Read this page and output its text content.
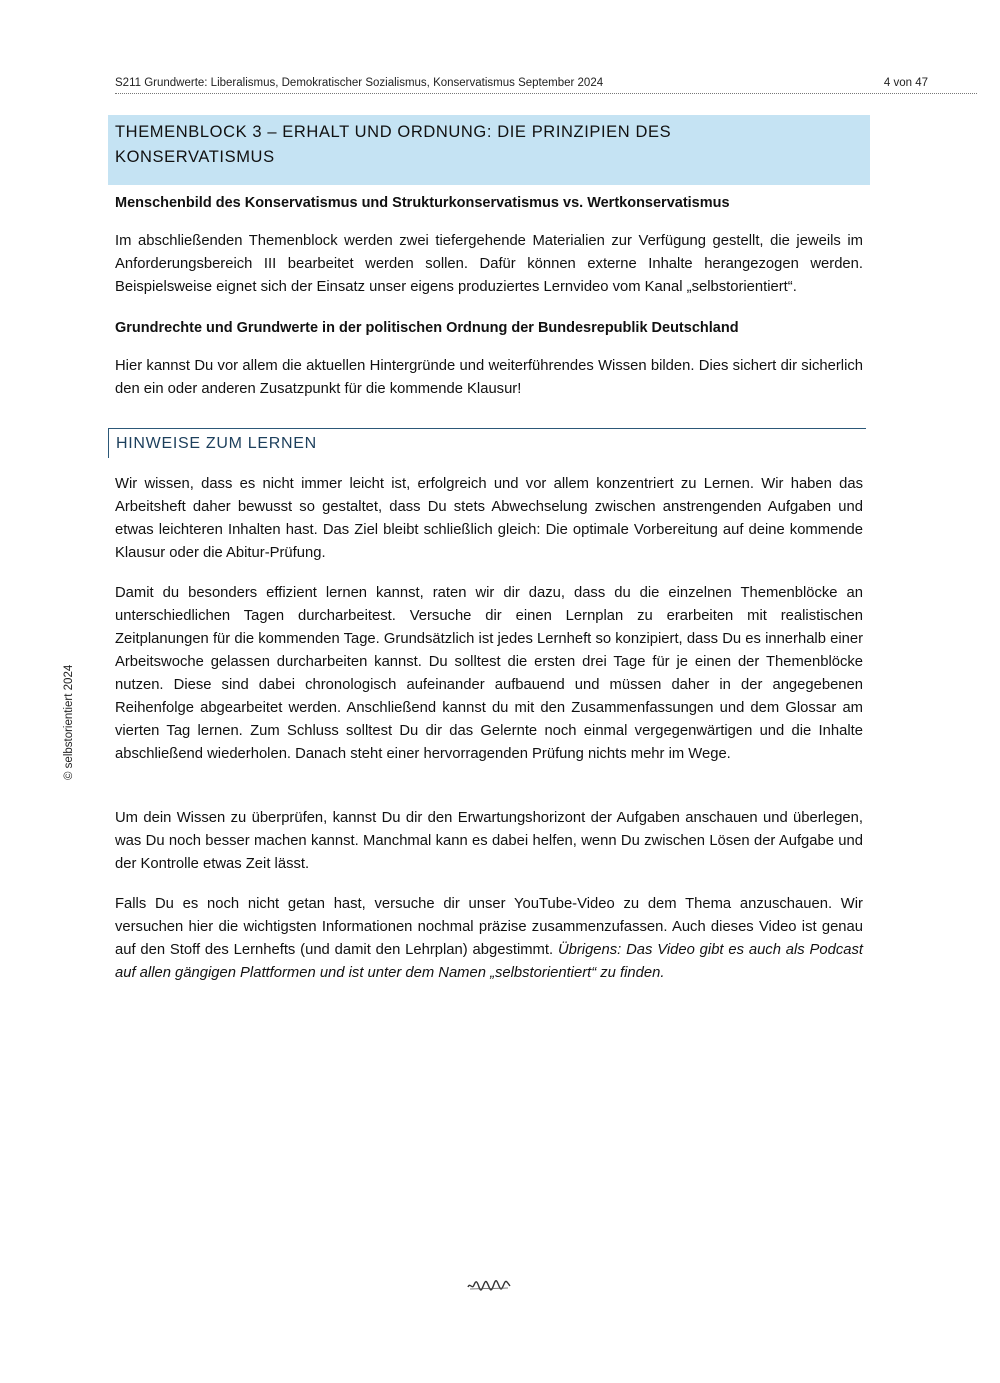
S211 Grundwerte: Liberalismus, Demokratischer Sozialismus, Konservatismus September 2024	4 von 47
THEMENBLOCK 3 – ERHALT UND ORDNUNG: DIE PRINZIPIEN DES KONSERVATISMUS

Menschenbild des Konservatismus und Strukturkonservatismus vs. Wertkonservatismus

Im abschließenden Themenblock werden zwei tiefergehende Materialien zur Verfügung gestellt, die jeweils im Anforderungsbereich III bearbeitet werden sollen. Dafür können externe Inhalte herangezogen werden. Beispielsweise eignet sich der Einsatz unser eigens produziertes Lernvideo vom Kanal „selbstorientiert“.

Grundrechte und Grundwerte in der politischen Ordnung der Bundesrepublik Deutschland

Hier kannst Du vor allem die aktuellen Hintergründe und weiterführendes Wissen bilden. Dies sichert dir sicherlich den ein oder anderen Zusatzpunkt für die kommende Klausur!

HINWEISE ZUM LERNEN

Wir wissen, dass es nicht immer leicht ist, erfolgreich und vor allem konzentriert zu Lernen. Wir haben das Arbeitsheft daher bewusst so gestaltet, dass Du stets Abwechselung zwischen anstrengenden Aufgaben und etwas leichteren Inhalten hast. Das Ziel bleibt schließlich gleich: Die optimale Vorbereitung auf deine kommende Klausur oder die Abitur-Prüfung.

Damit du besonders effizient lernen kannst, raten wir dir dazu, dass du die einzelnen Themenblöcke an unterschiedlichen Tagen durcharbeitest. Versuche dir einen Lernplan zu erarbeiten mit realistischen Zeitplanungen für die kommenden Tage. Grundsätzlich ist jedes Lernheft so konzipiert, dass Du es innerhalb einer Arbeitswoche gelassen durcharbeiten kannst. Du solltest die ersten drei Tage für je einen der Themenblöcke nutzen. Diese sind dabei chronologisch aufeinander aufbauend und müssen daher in der angegebenen Reihenfolge abgearbeitet werden. Anschließend kannst du mit den Zusammenfassungen und dem Glossar am vierten Tag lernen. Zum Schluss solltest Du dir das Gelernte noch einmal vergegenwärtigen und die Inhalte abschließend wiederholen. Danach steht einer hervorragenden Prüfung nichts mehr im Wege.

Um dein Wissen zu überprüfen, kannst Du dir den Erwartungshorizont der Aufgaben anschauen und überlegen, was Du noch besser machen kannst. Manchmal kann es dabei helfen, wenn Du zwischen Lösen der Aufgabe und der Kontrolle etwas Zeit lässt.

Falls Du es noch nicht getan hast, versuche dir unser YouTube-Video zu dem Thema anzuschauen. Wir versuchen hier die wichtigsten Informationen nochmal präzise zusammenzufassen. Auch dieses Video ist genau auf den Stoff des Lernhefts (und damit den Lehrplan) abgestimmt. Übrigens: Das Video gibt es auch als Podcast auf allen gängigen Plattformen und ist unter dem Namen „selbstorientiert“ zu finden.

© selbstorientiert 2024
